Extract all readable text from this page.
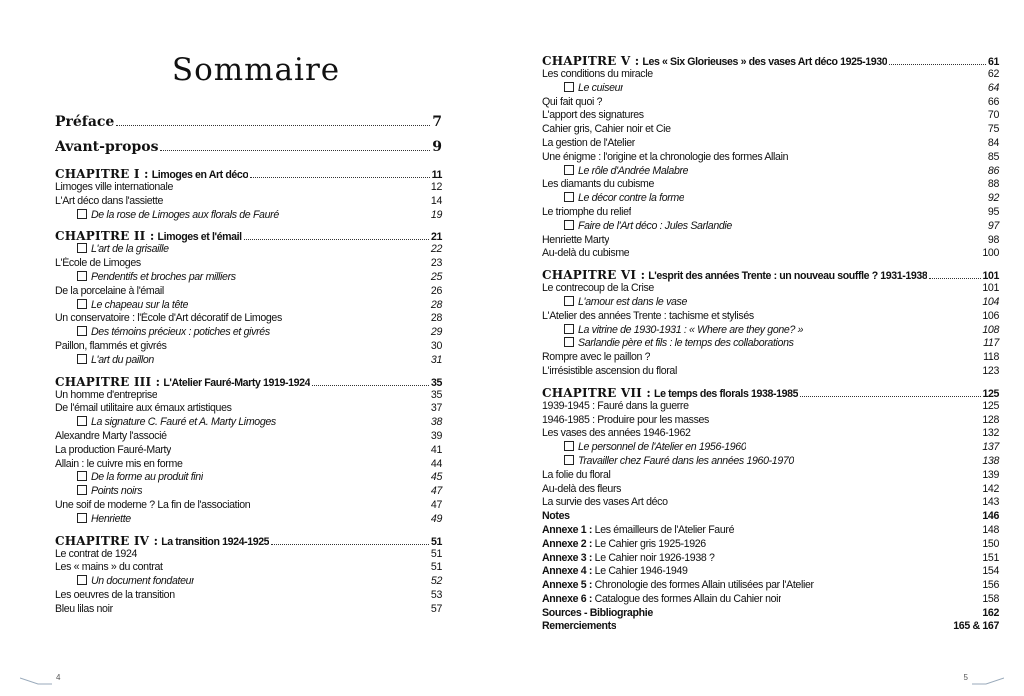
Sommaire
Préface	7
Avant-propos	9
CHAPITRE I : Limoges en Art déco	11
Limoges ville internationale	12
L'Art déco dans l'assiette	14
De la rose de Limoges aux florals de Fauré	19
CHAPITRE II : Limoges et l'émail	21
L'art de la grisaille	22
L'École de Limoges	23
Pendentifs et broches par milliers	25
De la porcelaine à l'émail	26
Le chapeau sur la tête	28
Un conservatoire : l'École d'Art décoratif de Limoges	28
Des témoins précieux : potiches et givrés	29
Paillon, flammés et givrés	30
L'art du paillon	31
CHAPITRE III : L'Atelier Fauré-Marty 1919-1924	35
Un homme d'entreprise	35
De l'émail utilitaire aux émaux artistiques	37
La signature C. Fauré et A. Marty Limoges	38
Alexandre Marty l'associé	39
La production Fauré-Marty	41
Allain : le cuivre mis en forme	44
De la forme au produit fini	45
Points noirs	47
Une soif de moderne ? La fin de l'association	47
Henriette	49
CHAPITRE IV : La transition 1924-1925	51
Le contrat de 1924	51
Les « mains » du contrat	51
Un document fondateur	52
Les oeuvres de la transition	53
Bleu lilas noir	57
4
CHAPITRE V : Les « Six Glorieuses » des vases Art déco 1925-1930	61
Les conditions du miracle	62
Le cuiseur	64
Qui fait quoi ?	66
L'apport des signatures	70
Cahier gris, Cahier noir et Cie	75
La gestion de l'Atelier	84
Une énigme : l'origine et la chronologie des formes Allain	85
Le rôle d'Andrée Malabre	86
Les diamants du cubisme	88
Le décor contre la forme	92
Le triomphe du relief	95
Faire de l'Art déco : Jules Sarlandie	97
Henriette Marty	98
Au-delà du cubisme	100
CHAPITRE VI : L'esprit des années Trente : un nouveau souffle ? 1931-1938	101
Le contrecoup de la Crise	101
L'amour est dans le vase	104
L'Atelier des années Trente : tachisme et stylisés	106
La vitrine de 1930-1931 : « Where are they gone? »	108
Sarlandie père et fils : le temps des collaborations	117
Rompre avec le paillon ?	118
L'irrésistible ascension du floral	123
CHAPITRE VII : Le temps des florals 1938-1985	125
1939-1945 : Fauré dans la guerre	125
1946-1985 : Produire pour les masses	128
Les vases des années 1946-1962	132
Le personnel de l'Atelier en 1956-1960	137
Travailler chez Fauré dans les années 1960-1970	138
La folie du floral	139
Au-delà des fleurs	142
La survie des vases Art déco	143
Notes	146
Annexe 1 : Les émailleurs de l'Atelier Fauré	148
Annexe 2 : Le Cahier gris 1925-1926	150
Annexe 3 : Le Cahier noir 1926-1938 ?	151
Annexe 4 : Le Cahier 1946-1949	154
Annexe 5 : Chronologie des formes Allain utilisées par l'Atelier	156
Annexe 6 : Catalogue des formes Allain du Cahier noir	158
Sources - Bibliographie	162
Remerciements	165 & 167
5
